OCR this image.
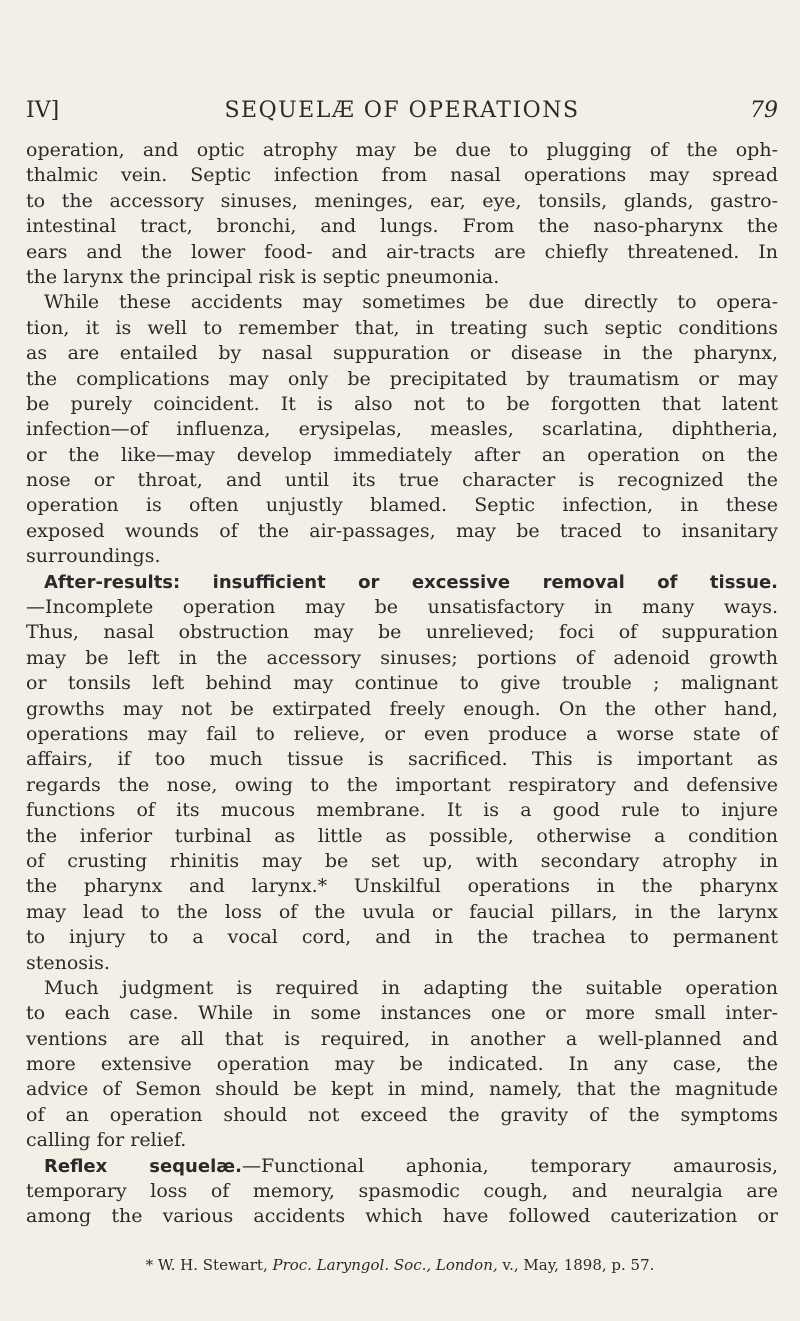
IV]	SEQUELÆ OF OPERATIONS	79
operation, and optic atrophy may be due to plugging of the oph-
thalmic vein. Septic infection from nasal operations may spread
to the accessory sinuses, meninges, ear, eye, tonsils, glands, gastro-
intestinal tract, bronchi, and lungs. From the naso-pharynx the
ears and the lower food- and air-tracts are chiefly threatened. In
the larynx the principal risk is septic pneumonia.
While these accidents may sometimes be due directly to opera-
tion, it is well to remember that, in treating such septic conditions
as are entailed by nasal suppuration or disease in the pharynx,
the complications may only be precipitated by traumatism or may
be purely coincident. It is also not to be forgotten that latent
infection—of influenza, erysipelas, measles, scarlatina, diphtheria,
or the like—may develop immediately after an operation on the
nose or throat, and until its true character is recognized the
operation is often unjustly blamed. Septic infection, in these
exposed wounds of the air-passages, may be traced to insanitary
surroundings.
After-results: insufficient or excessive removal of tissue.
—Incomplete operation may be unsatisfactory in many ways.
Thus, nasal obstruction may be unrelieved; foci of suppuration
may be left in the accessory sinuses; portions of adenoid growth
or tonsils left behind may continue to give trouble ; malignant
growths may not be extirpated freely enough. On the other hand,
operations may fail to relieve, or even produce a worse state of
affairs, if too much tissue is sacrificed. This is important as
regards the nose, owing to the important respiratory and defensive
functions of its mucous membrane. It is a good rule to injure
the inferior turbinal as little as possible, otherwise a condition
of crusting rhinitis may be set up, with secondary atrophy in
the pharynx and larynx.* Unskilful operations in the pharynx
may lead to the loss of the uvula or faucial pillars, in the larynx
to injury to a vocal cord, and in the trachea to permanent
stenosis.
Much judgment is required in adapting the suitable operation
to each case. While in some instances one or more small inter-
ventions are all that is required, in another a well-planned and
more extensive operation may be indicated. In any case, the
advice of Semon should be kept in mind, namely, that the magnitude
of an operation should not exceed the gravity of the symptoms
calling for relief.
Reflex sequelæ.—Functional aphonia, temporary amaurosis,
temporary loss of memory, spasmodic cough, and neuralgia are
among the various accidents which have followed cauterization or
* W. H. Stewart, Proc. Laryngol. Soc., London, v., May, 1898, p. 57.
